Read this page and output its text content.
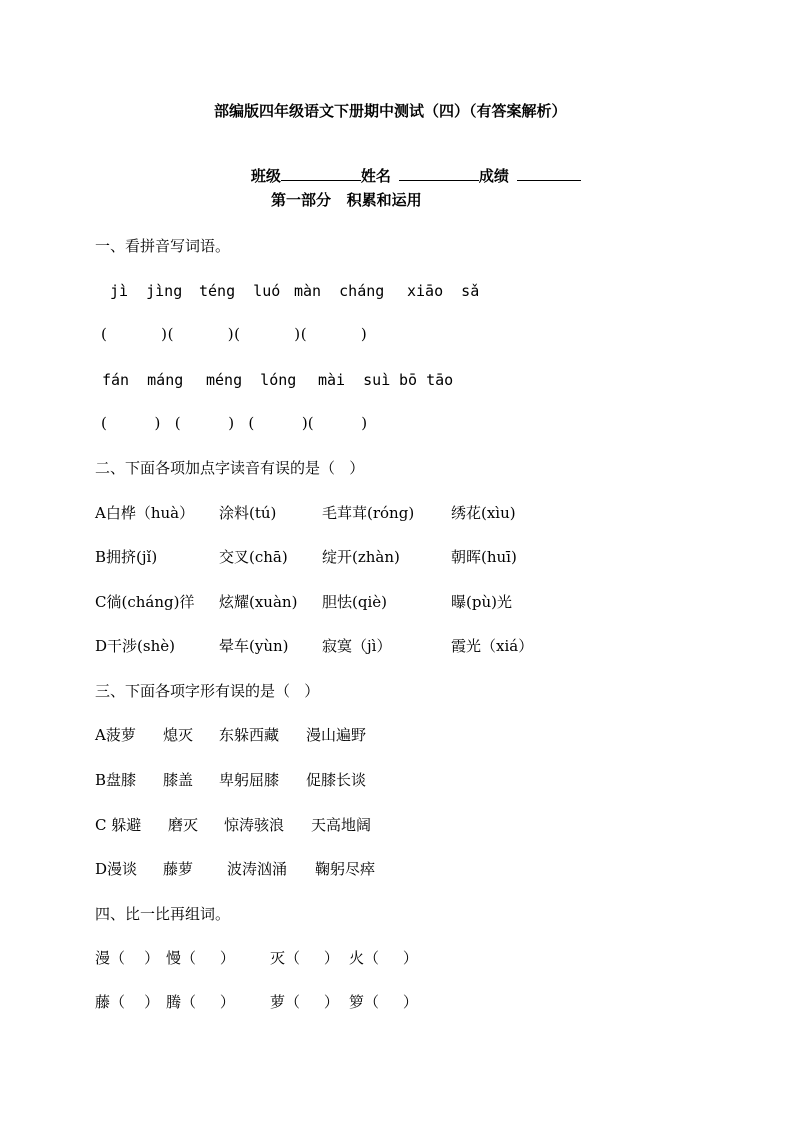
部编版四年级语文下册期中测试（四）（有答案解析）

班级	姓名	成绩

第一部分   积累和运用
一、看拼音写词语。
jì  jìng téng  luó màn  cháng xiāo  sǎ
(          )(          )(          )(          )
fán  máng méng  lóng mài  suì bō tāo
(          )   (          )   (          )(          )
二、下面各项加点字读音有误的是（   ）
A白桦（huà） 涂料(tú)	毛茸茸(róng) 绣花(xìu)
B拥挤(jǐ)	交叉(chā) 绽开(zhàn)	朝晖(huī)
C徜(cháng)徉 炫耀(xuàn) 胆怯(qiè)	曝(pù)光
D干涉(shè)	晕车(yùn) 寂寞（jì）	霞光（xiá）
三、下面各项字形有误的是（   ）
A菠萝 熄灭 东躲西藏 漫山遍野
B盘膝 膝盖 卑躬屈膝 促膝长谈
C 躲避 磨灭 惊涛骇浪 天高地阔
D漫谈 藤萝 波涛汹涌 鞠躬尽瘁
四、比一比再组词。
漫（    ） 慢（     ） 灭（     ） 火（     ）
藤（    ） 腾（     ） 萝（     ） 箩（     ）
